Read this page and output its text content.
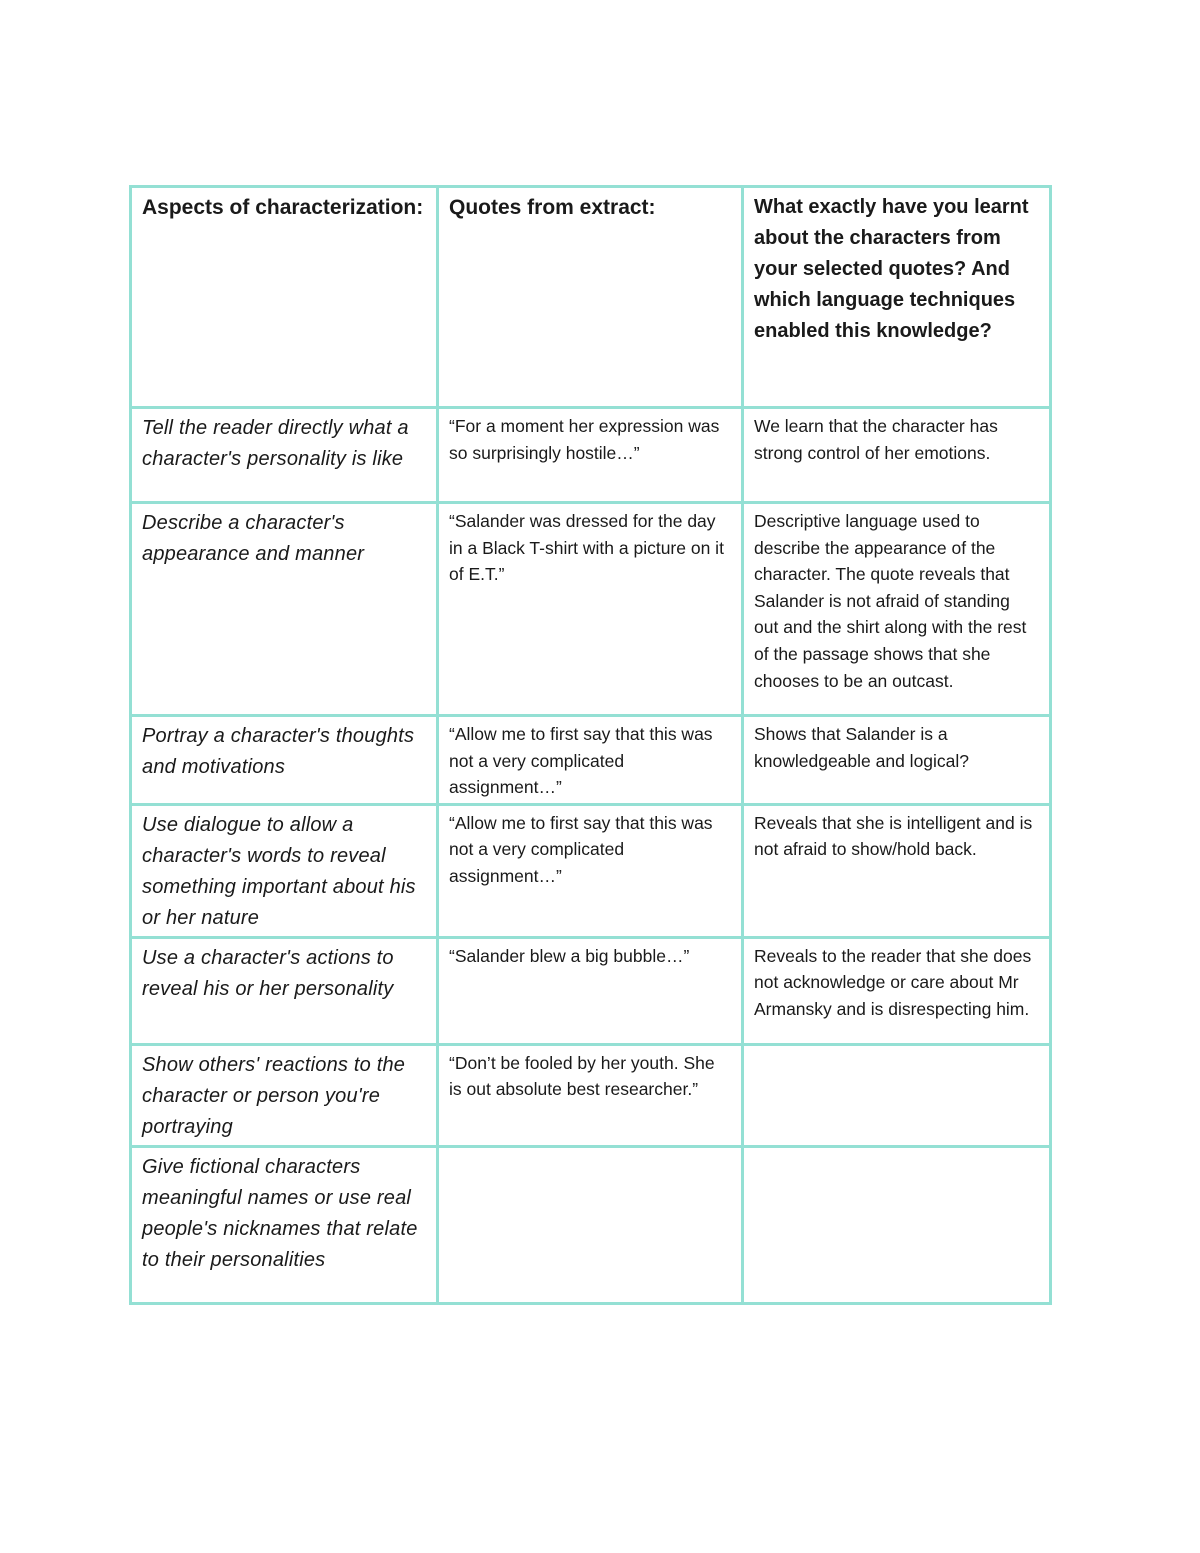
Aspects of characterization:	Quotes from extract:	What exactly have you learnt about the characters from your selected quotes? And which language techniques enabled this knowledge?
Tell the reader directly what a character's personality is like	“For a moment her expression was so surprisingly hostile…”	We learn that the character has strong control of her emotions.
Describe a character's appearance and manner	“Salander was dressed for the day in a Black T-shirt with a picture on it of E.T.”	Descriptive language used to describe the appearance of the character. The quote reveals that Salander is not afraid of standing out and the shirt along with the rest of the passage shows that she chooses to be an outcast.
Portray a character's thoughts and motivations	“Allow me to first say that this was not a very complicated assignment…”	Shows that Salander is a knowledgeable and logical?
Use dialogue to allow a character's words to reveal something important about his or her nature	“Allow me to first say that this was not a very complicated assignment…”	Reveals that she is intelligent and is not afraid to show/hold back.
Use a character's actions to reveal his or her personality	“Salander blew a big bubble…”	Reveals to the reader that she does not acknowledge or care about Mr Armansky and is disrespecting him.
Show others' reactions to the character or person you're portraying	“Don’t be fooled by her youth. She is out absolute best researcher.”	
Give fictional characters meaningful names or use real people's nicknames that relate to their personalities		
